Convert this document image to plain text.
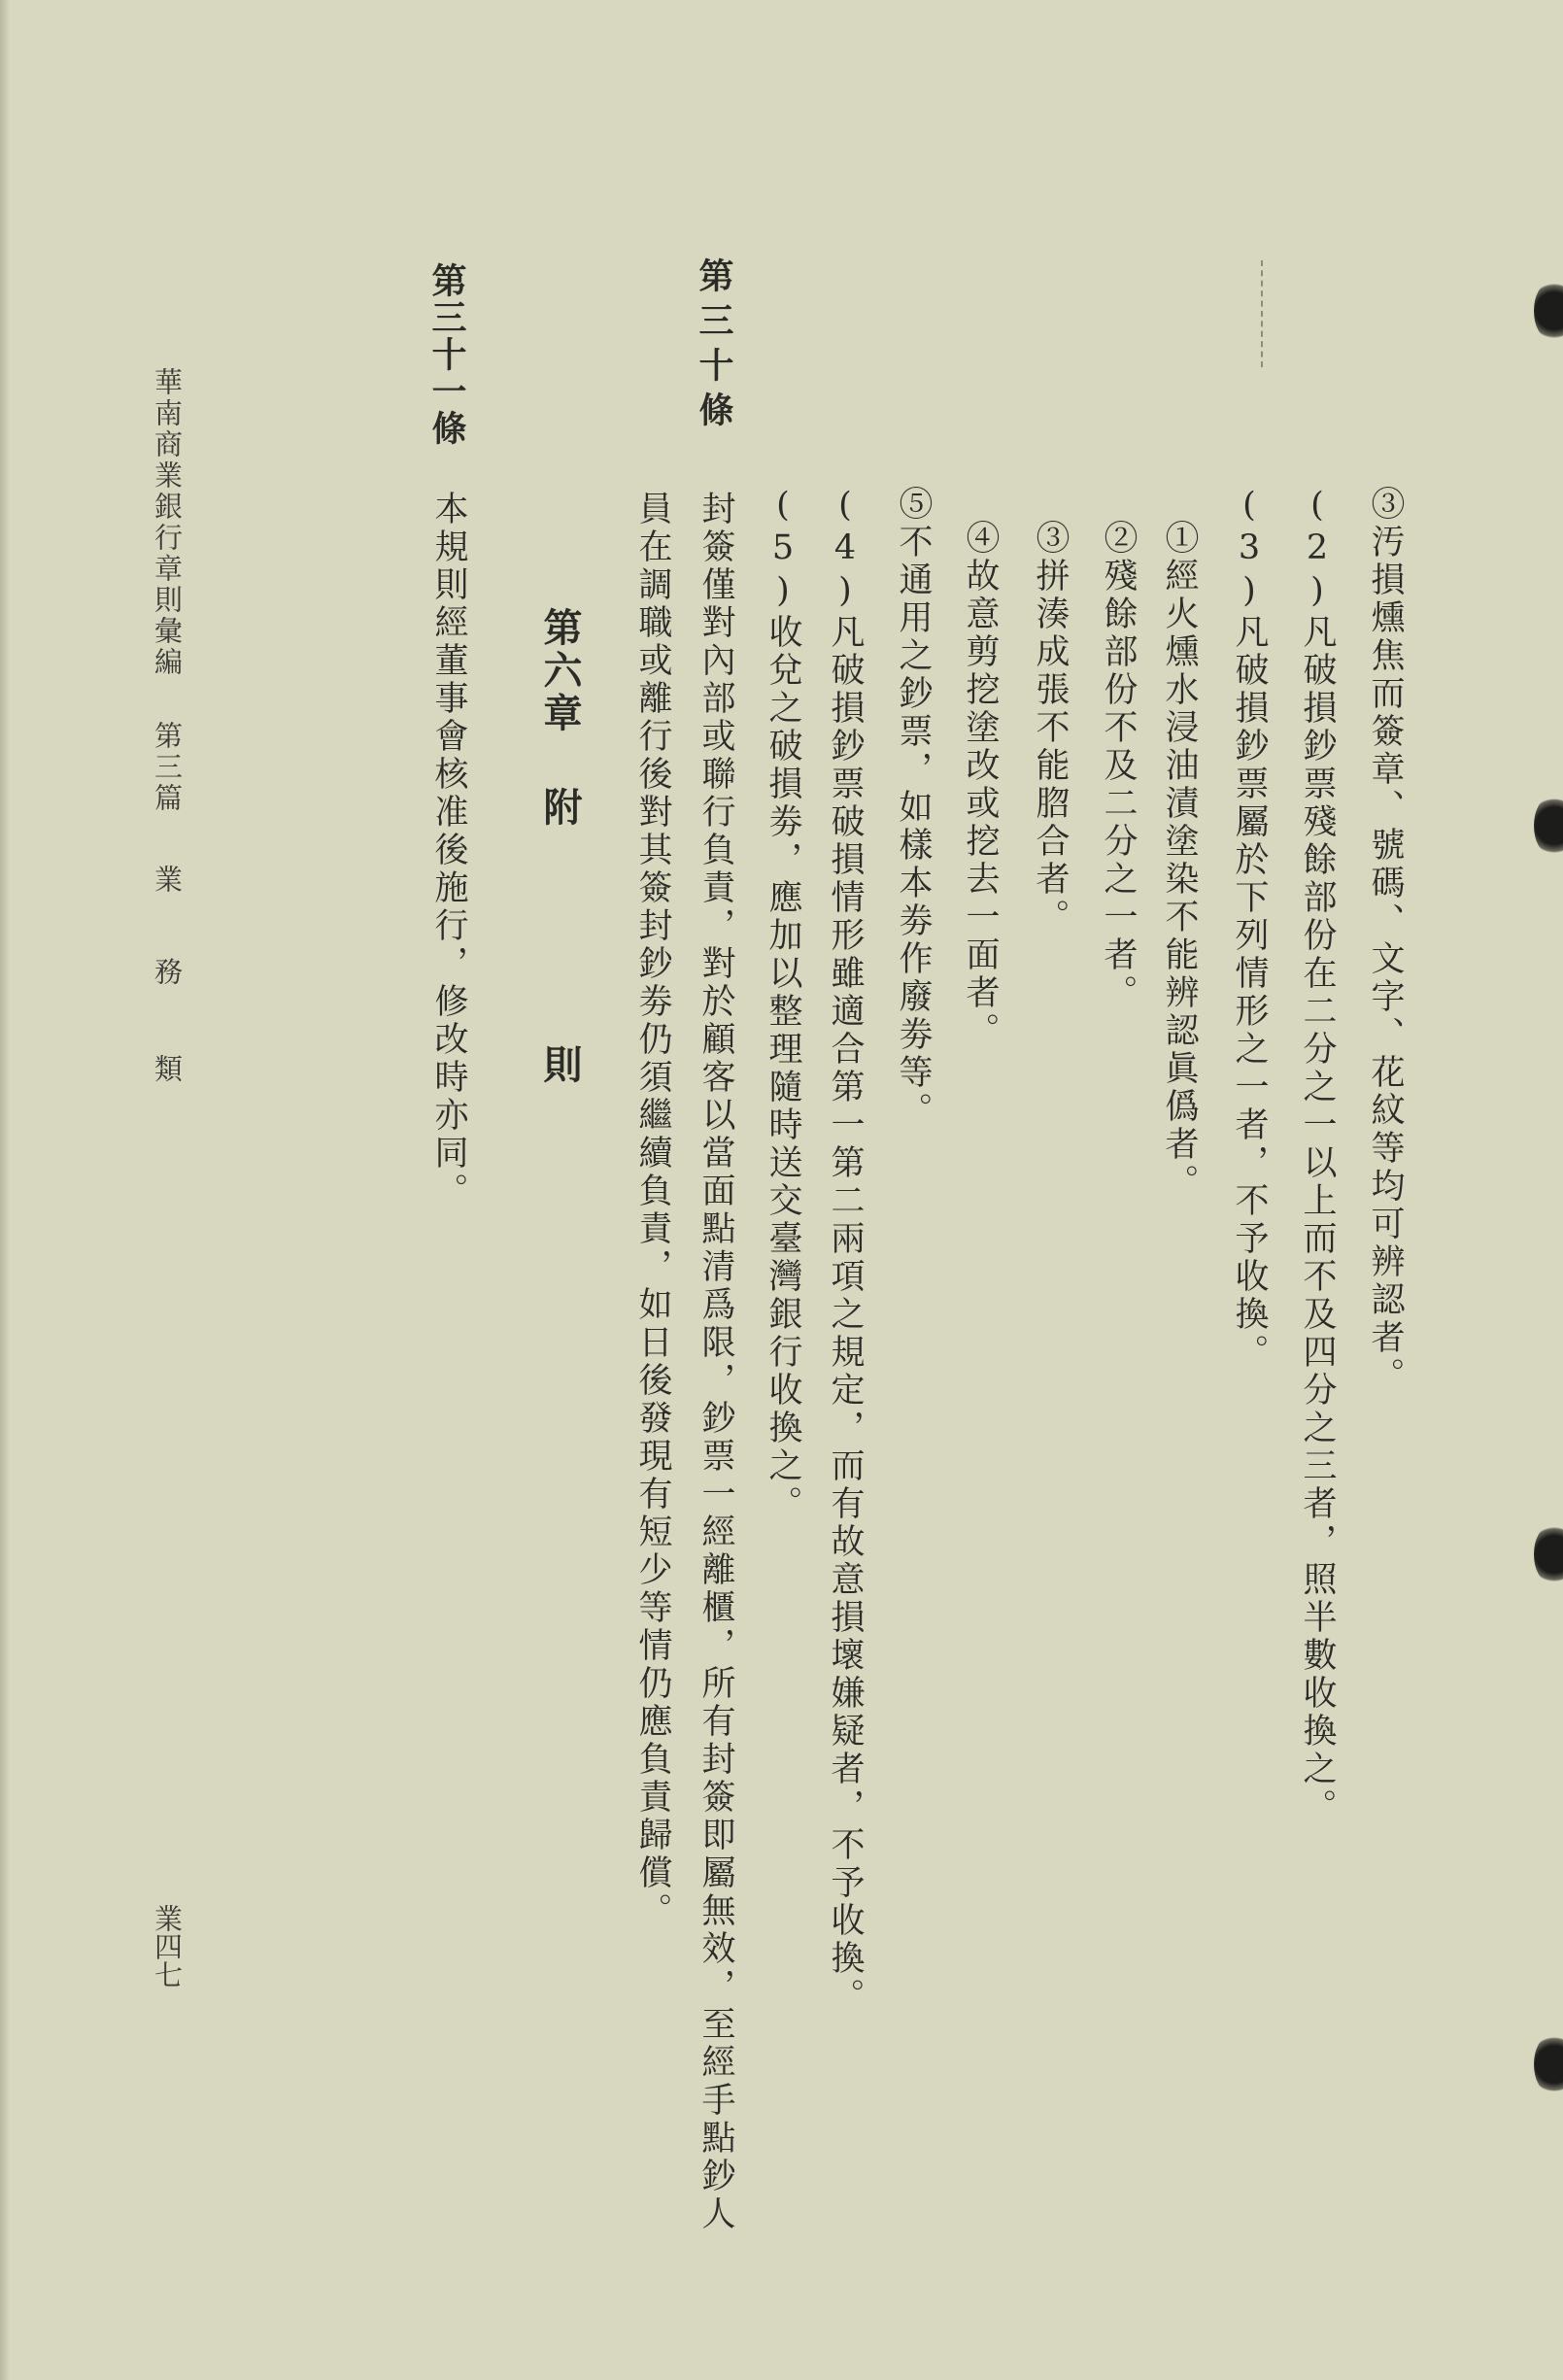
③汚損燻焦而簽章、號碼、文字、花紋等均可辨認者。
(2)凡破損鈔票殘餘部份在二分之一以上而不及四分之三者，照半數收換之。
(3)凡破損鈔票屬於下列情形之一者，不予收換。
①經火燻水浸油漬塗染不能辨認眞僞者。
②殘餘部份不及二分之一者。
③拼湊成張不能脗合者。
④故意剪挖塗改或挖去一面者。
⑤不通用之鈔票，如樣本劵作廢劵等。
(4)凡破損鈔票破損情形雖適合第一第二兩項之規定，而有故意損壞嫌疑者，不予收換。
(5)收兌之破損劵，應加以整理隨時送交臺灣銀行收換之。
封簽僅對內部或聯行負責，對於顧客以當面點清爲限，鈔票一經離櫃，所有封簽即屬無效，至經手點鈔人
員在調職或離行後對其簽封鈔劵仍須繼續負責，如日後發現有短少等情仍應負責歸償。
第三十條
第六章
附
則
第三十一條
本規則經董事會核准後施行，修改時亦同。
華南商業銀行章則彙編
第三篇
業
務
類
業四七
